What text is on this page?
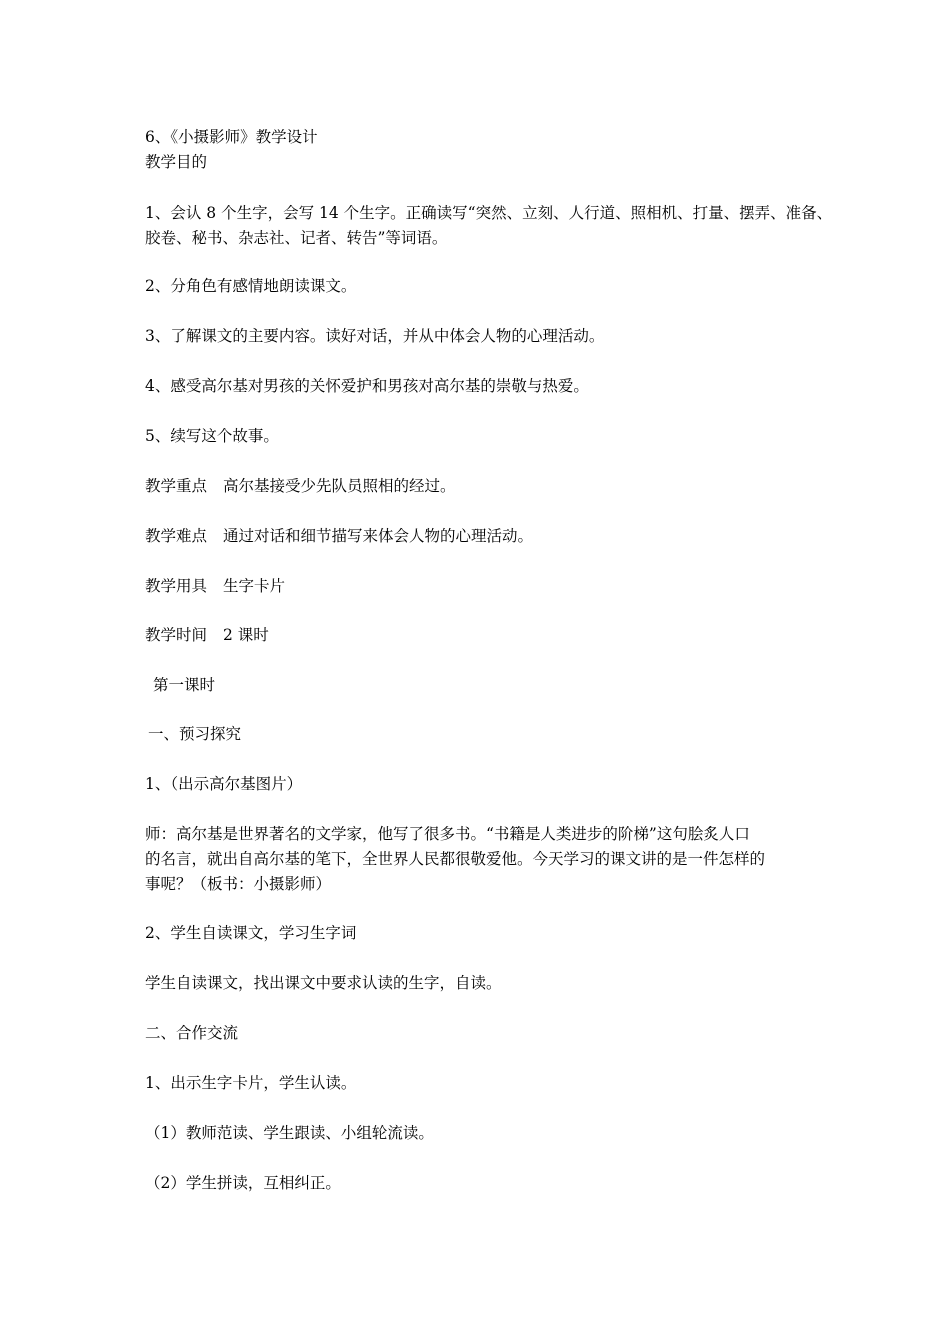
6、《小摄影师》教学设计
教学目的
1、会认 8 个生字，会写 14 个生字。正确读写“突然、立刻、人行道、照相机、打量、摆弄、准备、
胶卷、秘书、杂志社、记者、转告”等词语。
2、分角色有感情地朗读课文。
3、了解课文的主要内容。读好对话，并从中体会人物的心理活动。
4、感受高尔基对男孩的关怀爱护和男孩对高尔基的崇敬与热爱。
5、续写这个故事。
教学重点 高尔基接受少先队员照相的经过。
教学难点 通过对话和细节描写来体会人物的心理活动。
教学用具 生字卡片
教学时间 2 课时
第一课时
一、预习探究
1、（出示高尔基图片）
师：高尔基是世界著名的文学家，他写了很多书。“书籍是人类进步的阶梯”这句脍炙人口
的名言，就出自高尔基的笔下，全世界人民都很敬爱他。今天学习的课文讲的是一件怎样的
事呢？（板书：小摄影师）
2、学生自读课文，学习生字词
学生自读课文，找出课文中要求认读的生字，自读。
二、合作交流
1、出示生字卡片，学生认读。
（1）教师范读、学生跟读、小组轮流读。
（2）学生拼读，互相纠正。
